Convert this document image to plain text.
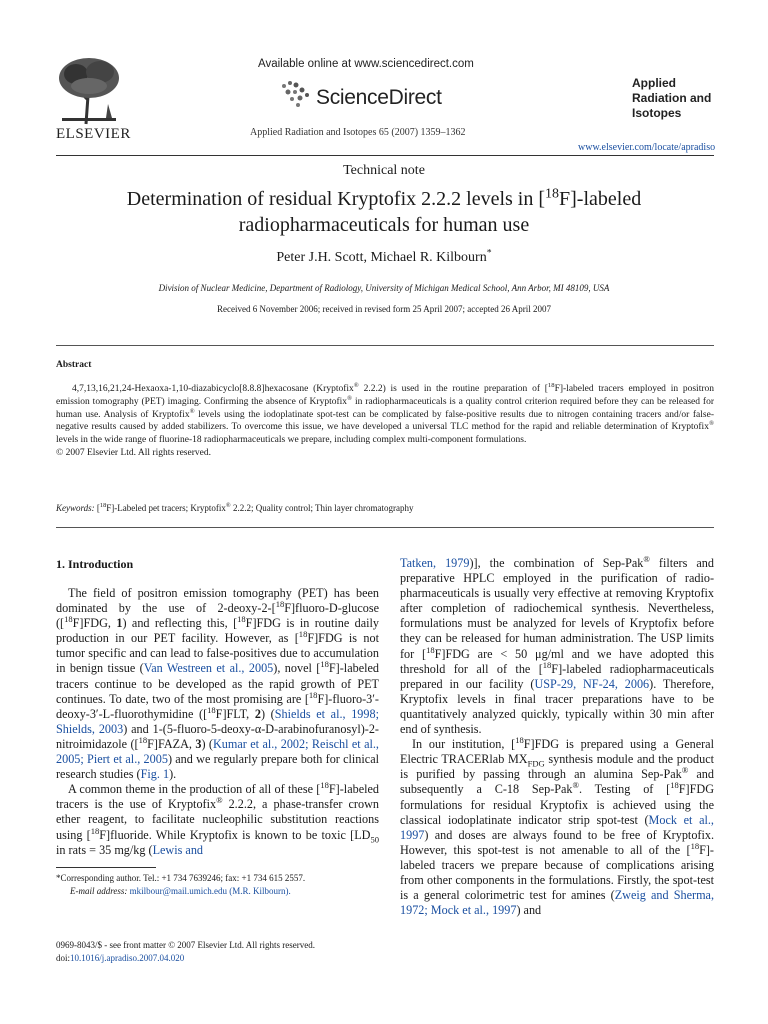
ELSEVIER
Available online at www.sciencedirect.com
ScienceDirect
Applied Radiation and Isotopes 65 (2007) 1359–1362
Applied
Radiation and
Isotopes
www.elsevier.com/locate/apradiso
Technical note
Determination of residual Kryptofix 2.2.2 levels in [$^{18}$F]-labeled
radiopharmaceuticals for human use
Peter J.H. Scott, Michael R. Kilbourn*
Division of Nuclear Medicine, Department of Radiology, University of Michigan Medical School, Ann Arbor, MI 48109, USA
Received 6 November 2006; received in revised form 25 April 2007; accepted 26 April 2007
Abstract
4,7,13,16,21,24-Hexaoxa-1,10-diazabicyclo[8.8.8]hexacosane (Kryptofix® 2.2.2) is used in the routine preparation of [$^{18}$F]-labeled tracers employed in positron emission tomography (PET) imaging. Confirming the absence of Kryptofix® in radiopharmaceuticals is a quality control criterion required before they can be released for human use. Analysis of Kryptofix® levels using the iodoplatinate spot-test can be complicated by false-positive results due to nitrogen containing tracers and/or false-negative results caused by added stabilizers. To overcome this issue, we have developed a universal TLC method for the rapid and reliable determination of Kryptofix® levels in the wide range of fluorine-18 radiopharmaceuticals we prepare, including complex multi-component formulations.
© 2007 Elsevier Ltd. All rights reserved.
Keywords: [$^{18}$F]-Labeled pet tracers; Kryptofix® 2.2.2; Quality control; Thin layer chromatography
1. Introduction

The field of positron emission tomography (PET) has been dominated by the use of 2-deoxy-2-[$^{18}$F]fluoro-D-glucose ([$^{18}$F]FDG, 1) and reflecting this, [$^{18}$F]FDG is in routine daily production in our PET facility. However, as [$^{18}$F]FDG is not tumor specific and can lead to false-positives due to accumulation in benign tissue (Van Westreen et al., 2005), novel [$^{18}$F]-labeled tracers continue to be developed as the rapid growth of PET continues. To date, two of the most promising are [$^{18}$F]-fluoro-3′-deoxy-3′-L-fluorothymidine ([$^{18}$F]FLT, 2) (Shields et al., 1998; Shields, 2003) and 1-(5-fluoro-5-deoxy-α-D-arabinofuranosyl)-2-nitroimidazole ([$^{18}$F]FAZA, 3) (Kumar et al., 2002; Reischl et al., 2005; Piert et al., 2005) and we regularly prepare both for clinical research studies (Fig. 1).

A common theme in the production of all of these [$^{18}$F]-labeled tracers is the use of Kryptofix® 2.2.2, a phase-transfer crown ether reagent, to facilitate nucleophilic substitution reactions using [$^{18}$F]fluoride. While Kryptofix is known to be toxic [$LD_{50}$ in rats = 35 mg/kg (Lewis and

Tatken, 1979)], the combination of Sep-Pak® filters and preparative HPLC employed in the purification of radio-pharmaceuticals is usually very effective at removing Kryptofix after completion of radiochemical synthesis. Nevertheless, formulations must be analyzed for levels of Kryptofix before they can be released for human administration. The USP limits for [$^{18}$F]FDG are < 50 μg/ml and we have adopted this threshold for all of the [$^{18}$F]-labeled radiopharmaceuticals prepared in our facility (USP-29, NF-24, 2006). Therefore, Kryptofix levels in final tracer preparations have to be quantitatively analyzed quickly, typically within 30 min after end of synthesis.

In our institution, [$^{18}$F]FDG is prepared using a General Electric TRACERlab $MX_{FDG}$ synthesis module and the product is purified by passing through an alumina Sep-Pak® and subsequently a C-18 Sep-Pak®. Testing of [$^{18}$F]FDG formulations for residual Kryptofix is achieved using the classical iodoplatinate indicator strip spot-test (Mock et al., 1997) and doses are always found to be free of Kryptofix. However, this spot-test is not amenable to all of the [$^{18}$F]-labeled tracers we prepare because of complications arising from other components in the formulations. Firstly, the spot-test is a general colorimetric test for amines (Zweig and Sherma, 1972; Mock et al., 1997) and

*Corresponding author. Tel.: +1 734 7639246; fax: +1 734 615 2557.
E-mail address: mkilbour@mail.umich.edu (M.R. Kilbourn).
0969-8043/$ - see front matter © 2007 Elsevier Ltd. All rights reserved.
doi:10.1016/j.apradiso.2007.04.020
